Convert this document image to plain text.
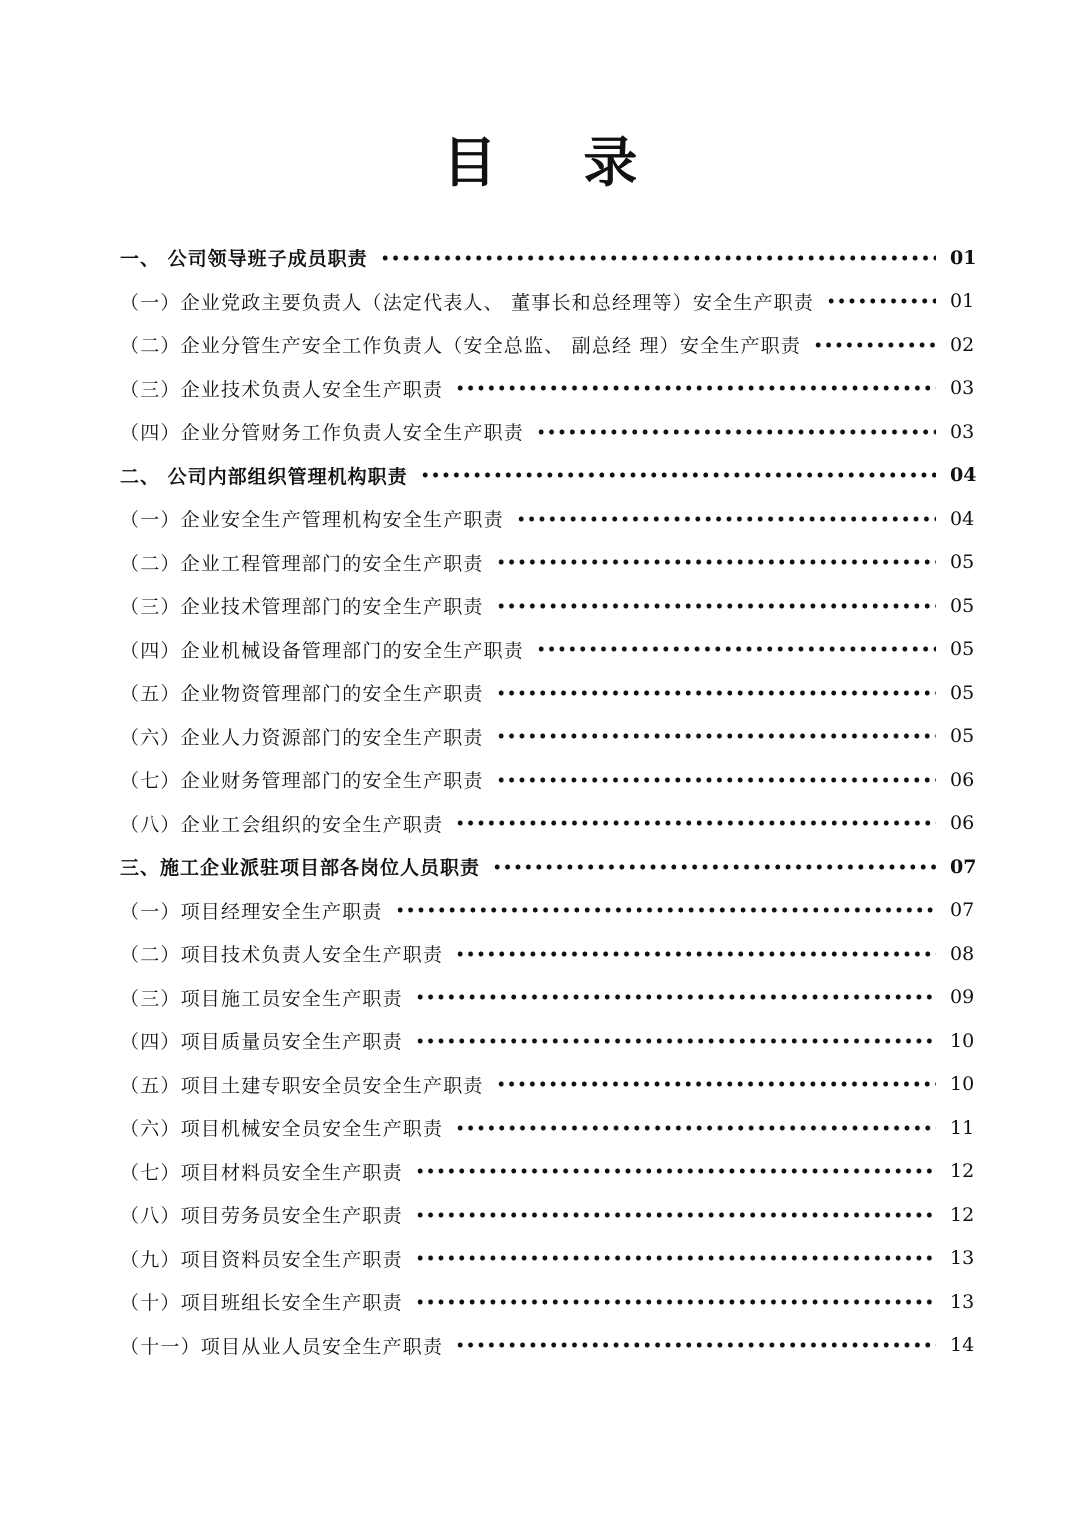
目 录
一、 公司领导班子成员职责	01
（一）企业党政主要负责人（法定代表人、 董事长和总经理等）安全生产职责	01
（二）企业分管生产安全工作负责人（安全总监、 副总经 理）安全生产职责	02
（三）企业技术负责人安全生产职责	03
（四）企业分管财务工作负责人安全生产职责	03
二、 公司内部组织管理机构职责	04
（一）企业安全生产管理机构安全生产职责	04
（二）企业工程管理部门的安全生产职责	05
（三）企业技术管理部门的安全生产职责	05
（四）企业机械设备管理部门的安全生产职责	05
（五）企业物资管理部门的安全生产职责	05
（六）企业人力资源部门的安全生产职责	05
（七）企业财务管理部门的安全生产职责	06
（八）企业工会组织的安全生产职责	06
三、施工企业派驻项目部各岗位人员职责	07
（一）项目经理安全生产职责	07
（二）项目技术负责人安全生产职责	08
（三）项目施工员安全生产职责	09
（四）项目质量员安全生产职责	10
（五）项目土建专职安全员安全生产职责	10
（六）项目机械安全员安全生产职责	11
（七）项目材料员安全生产职责	12
（八）项目劳务员安全生产职责	12
（九）项目资料员安全生产职责	13
（十）项目班组长安全生产职责	13
（十一）项目从业人员安全生产职责	14
